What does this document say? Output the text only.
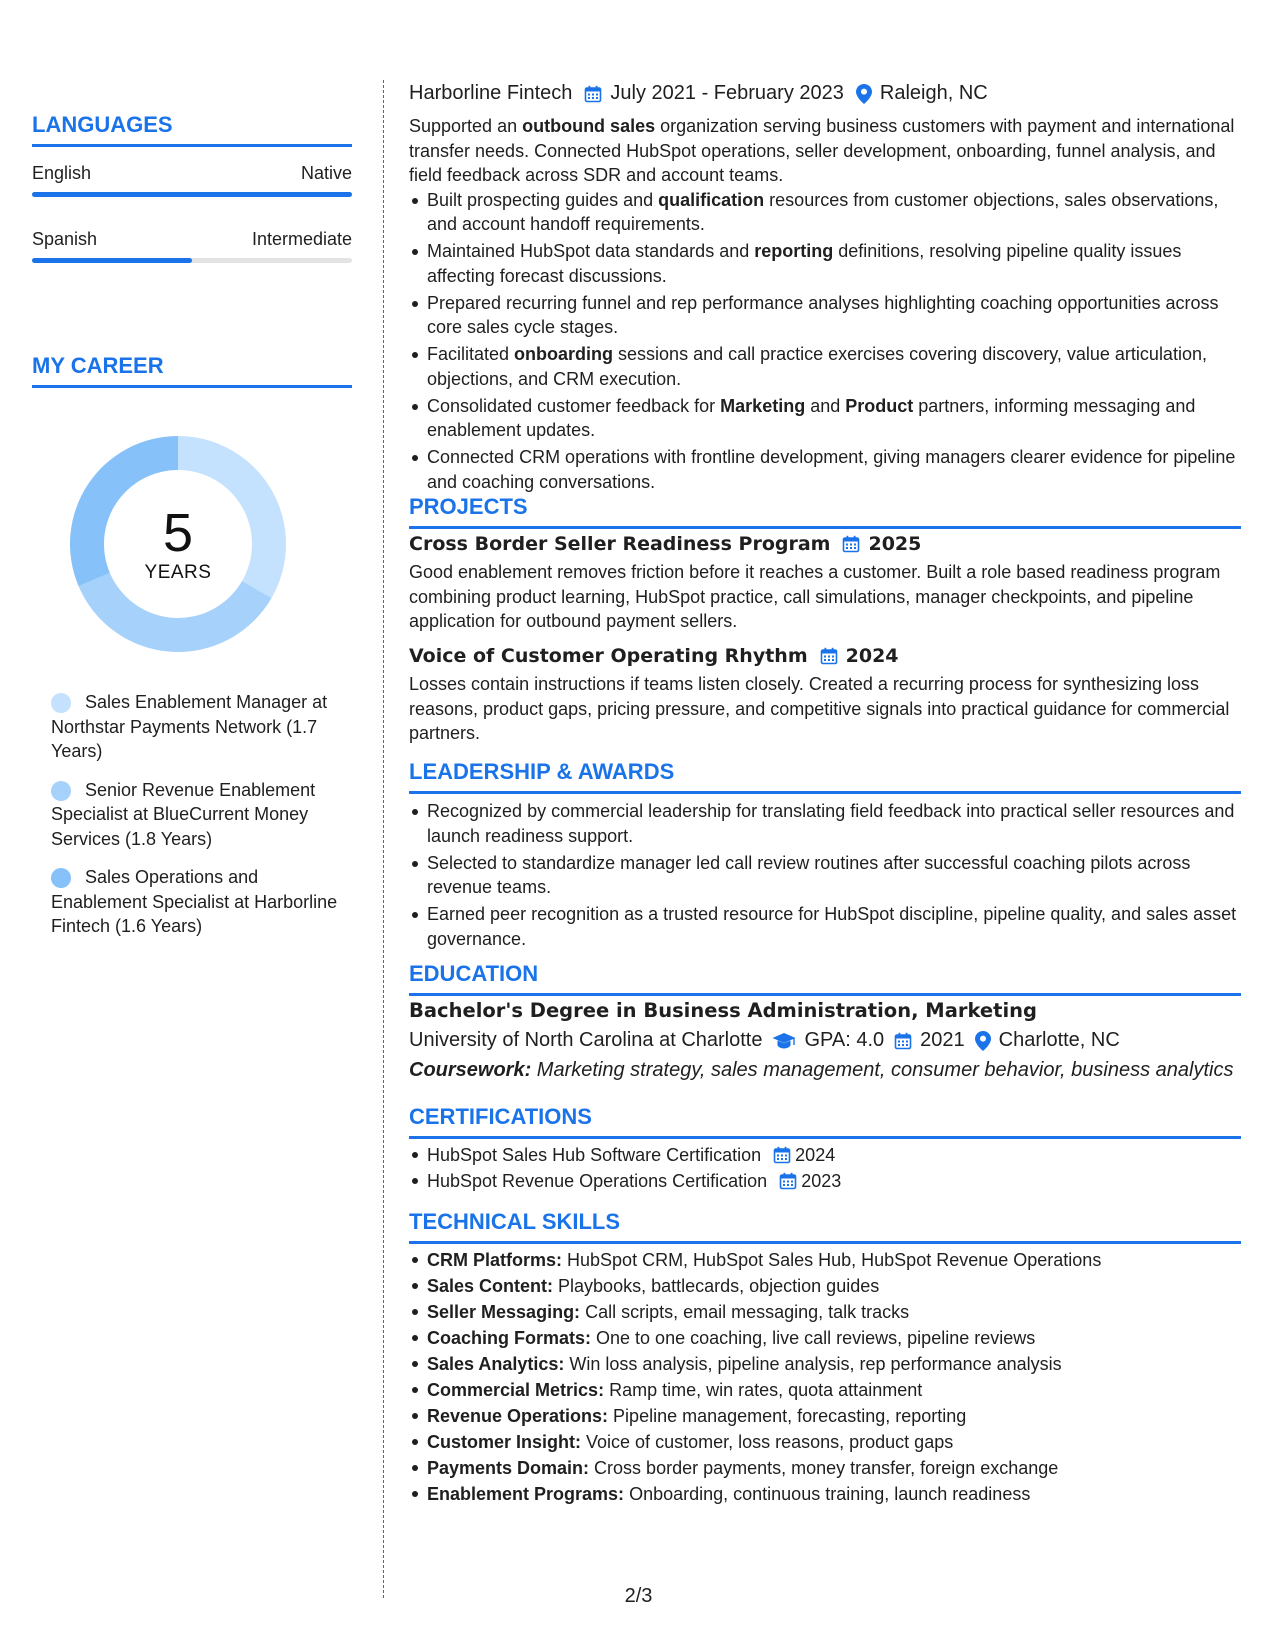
LANGUAGES
English	Native
Spanish	Intermediate
MY CAREER
5
YEARS
Sales Enablement Manager at Northstar Payments Network (1.7 Years)
Senior Revenue Enablement Specialist at BlueCurrent Money Services (1.8 Years)
Sales Operations and Enablement Specialist at Harborline Fintech (1.6 Years)
Harborline Fintech July 2021 - February 2023 Raleigh, NC

Supported an outbound sales organization serving business customers with payment and international transfer needs. Connected HubSpot operations, seller development, onboarding, funnel analysis, and field feedback across SDR and account teams.

Built prospecting guides and qualification resources from customer objections, sales observations, and account handoff requirements.
Maintained HubSpot data standards and reporting definitions, resolving pipeline quality issues affecting forecast discussions.
Prepared recurring funnel and rep performance analyses highlighting coaching opportunities across core sales cycle stages.
Facilitated onboarding sessions and call practice exercises covering discovery, value articulation, objections, and CRM execution.
Consolidated customer feedback for Marketing and Product partners, informing messaging and enablement updates.
Connected CRM operations with frontline development, giving managers clearer evidence for pipeline and coaching conversations.
PROJECTS
Cross Border Seller Readiness Program 2025

Good enablement removes friction before it reaches a customer. Built a role based readiness program combining product learning, HubSpot practice, call simulations, manager checkpoints, and pipeline application for outbound payment sellers.

Voice of Customer Operating Rhythm 2024

Losses contain instructions if teams listen closely. Created a recurring process for synthesizing loss reasons, product gaps, pricing pressure, and competitive signals into practical guidance for commercial partners.

LEADERSHIP & AWARDS
Recognized by commercial leadership for translating field feedback into practical seller resources and launch readiness support.
Selected to standardize manager led call review routines after successful coaching pilots across revenue teams.
Earned peer recognition as a trusted resource for HubSpot discipline, pipeline quality, and sales asset governance.
EDUCATION
Bachelor's Degree in Business Administration, Marketing
University of North Carolina at Charlotte GPA: 4.0 2021 Charlotte, NC
Coursework: Marketing strategy, sales management, consumer behavior, business analytics
CERTIFICATIONS
HubSpot Sales Hub Software Certification 2024
HubSpot Revenue Operations Certification 2023
TECHNICAL SKILLS
CRM Platforms: HubSpot CRM, HubSpot Sales Hub, HubSpot Revenue Operations
Sales Content: Playbooks, battlecards, objection guides
Seller Messaging: Call scripts, email messaging, talk tracks
Coaching Formats: One to one coaching, live call reviews, pipeline reviews
Sales Analytics: Win loss analysis, pipeline analysis, rep performance analysis
Commercial Metrics: Ramp time, win rates, quota attainment
Revenue Operations: Pipeline management, forecasting, reporting
Customer Insight: Voice of customer, loss reasons, product gaps
Payments Domain: Cross border payments, money transfer, foreign exchange
Enablement Programs: Onboarding, continuous training, launch readiness
2/3
